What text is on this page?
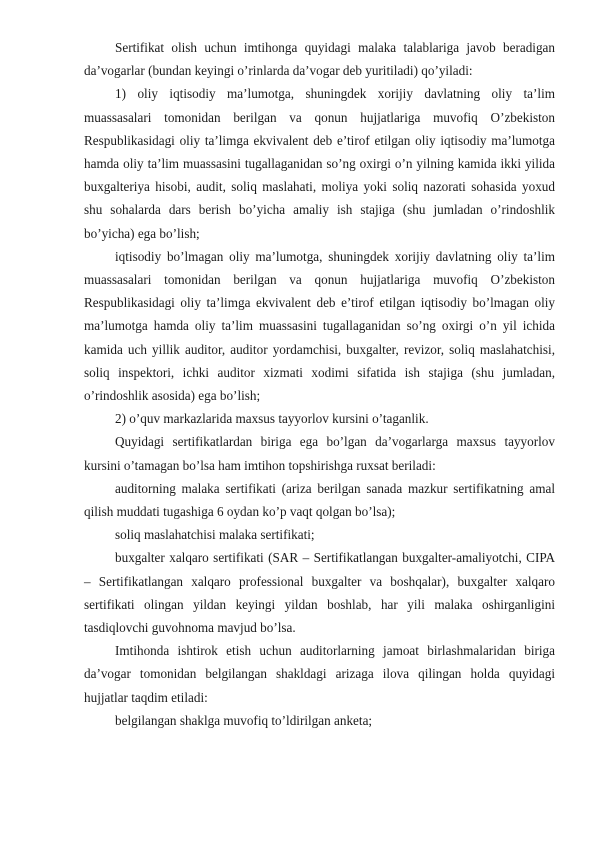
Sertifikat olish uchun imtihonga quyidagi malaka talablariga javob beradigan da’vogarlar (bundan keyingi o’rinlarda da’vogar deb yuritiladi) qo’yiladi:

1) oliy iqtisodiy ma’lumotga, shuningdek xorijiy davlatning oliy ta’lim muassasalari tomonidan berilgan va qonun hujjatlariga muvofiq O’zbekiston Respublikasidagi oliy ta’limga ekvivalent deb e’tirof etilgan oliy iqtisodiy ma’lumotga hamda oliy ta’lim muassasini tugallaganidan so’ng oxirgi o’n yilning kamida ikki yilida buxgalteriya hisobi, audit, soliq maslahati, moliya yoki soliq nazorati sohasida yoxud shu sohalarda dars berish bo’yicha amaliy ish stajiga (shu jumladan o’rindoshlik bo’yicha) ega bo’lish;

iqtisodiy bo’lmagan oliy ma’lumotga, shuningdek xorijiy davlatning oliy ta’lim muassasalari tomonidan berilgan va qonun hujjatlariga muvofiq O’zbekiston Respublikasidagi oliy ta’limga ekvivalent deb e’tirof etilgan iqtisodiy bo’lmagan oliy ma’lumotga hamda oliy ta’lim muassasini tugallaganidan so’ng oxirgi o’n yil ichida kamida uch yillik auditor, auditor yordamchisi, buxgalter, revizor, soliq maslahatchisi, soliq inspektori, ichki auditor xizmati xodimi sifatida ish stajiga (shu jumladan, o’rindoshlik asosida) ega bo’lish;

2) o’quv markazlarida maxsus tayyorlov kursini o’taganlik.

Quyidagi sertifikatlardan biriga ega bo’lgan da’vogarlarga maxsus tayyorlov kursini o’tamagan bo’lsa ham imtihon topshirishga ruxsat beriladi:

auditorning malaka sertifikati (ariza berilgan sanada mazkur sertifikatning amal qilish muddati tugashiga 6 oydan ko’p vaqt qolgan bo’lsa);

soliq maslahatchisi malaka sertifikati;

buxgalter xalqaro sertifikati (SAR – Sertifikatlangan buxgalter-amaliyotchi, CIPA – Sertifikatlangan xalqaro professional buxgalter va boshqalar), buxgalter xalqaro sertifikati olingan yildan keyingi yildan boshlab, har yili malaka oshirganligini tasdiqlovchi guvohnoma mavjud bo’lsa.

Imtihonda ishtirok etish uchun auditorlarning jamoat birlashmalaridan biriga da’vogar tomonidan belgilangan shakldagi arizaga ilova qilingan holda quyidagi hujjatlar taqdim etiladi:

belgilangan shaklga muvofiq to’ldirilgan anketa;
